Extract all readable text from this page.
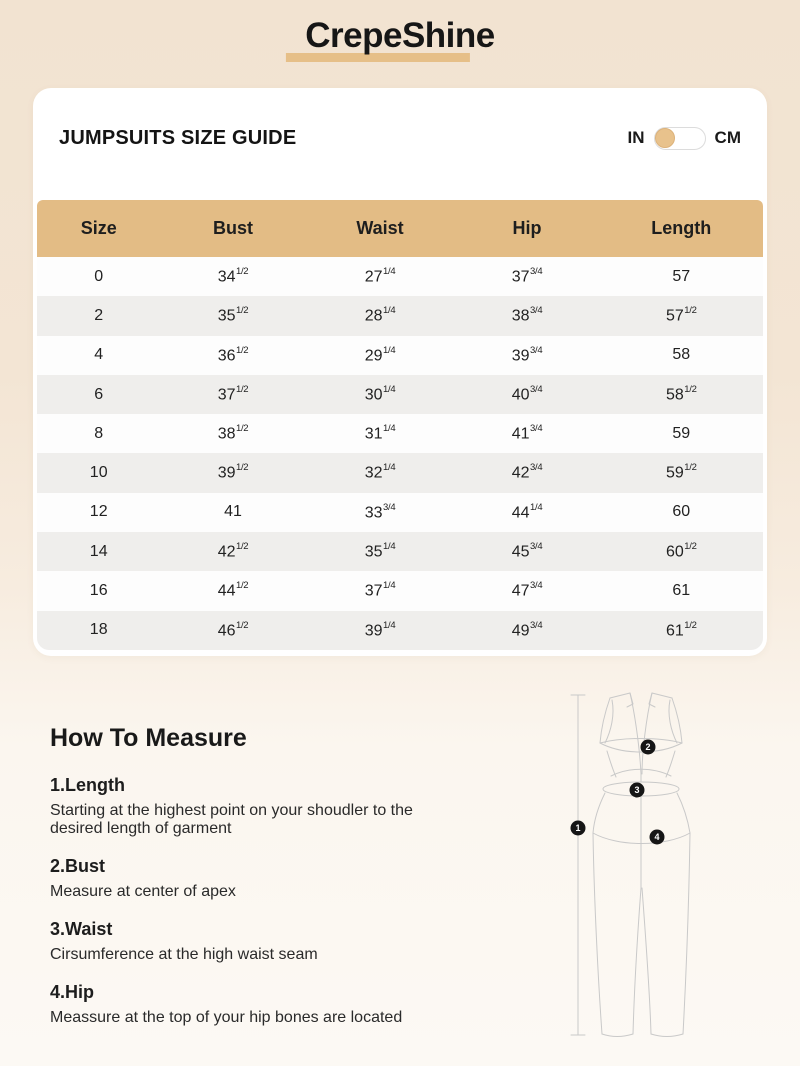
CrepeShine
JUMPSUITS SIZE GUIDE	IN	CM
Size	Bust	Waist	Hip	Length
0	$34^{1/2}$	$27^{1/4}$	$37^{3/4}$	57
2	$35^{1/2}$	$28^{1/4}$	$38^{3/4}$	$57^{1/2}$
4	$36^{1/2}$	$29^{1/4}$	$39^{3/4}$	58
6	$37^{1/2}$	$30^{1/4}$	$40^{3/4}$	$58^{1/2}$
8	$38^{1/2}$	$31^{1/4}$	$41^{3/4}$	59
10	$39^{1/2}$	$32^{1/4}$	$42^{3/4}$	$59^{1/2}$
12	41	$33^{3/4}$	$44^{1/4}$	60
14	$42^{1/2}$	$35^{1/4}$	$45^{3/4}$	$60^{1/2}$
16	$44^{1/2}$	$37^{1/4}$	$47^{3/4}$	61
18	$46^{1/2}$	$39^{1/4}$	$49^{3/4}$	$61^{1/2}$
How To Measure
1.Length
Starting at the highest point on your shoudler to the desired length of garment
2.Bust
Measure at center of apex
3.Waist
Cirsumference at the high waist seam
4.Hip
Meassure at the top of your hip bones are located
1
2
3
4
